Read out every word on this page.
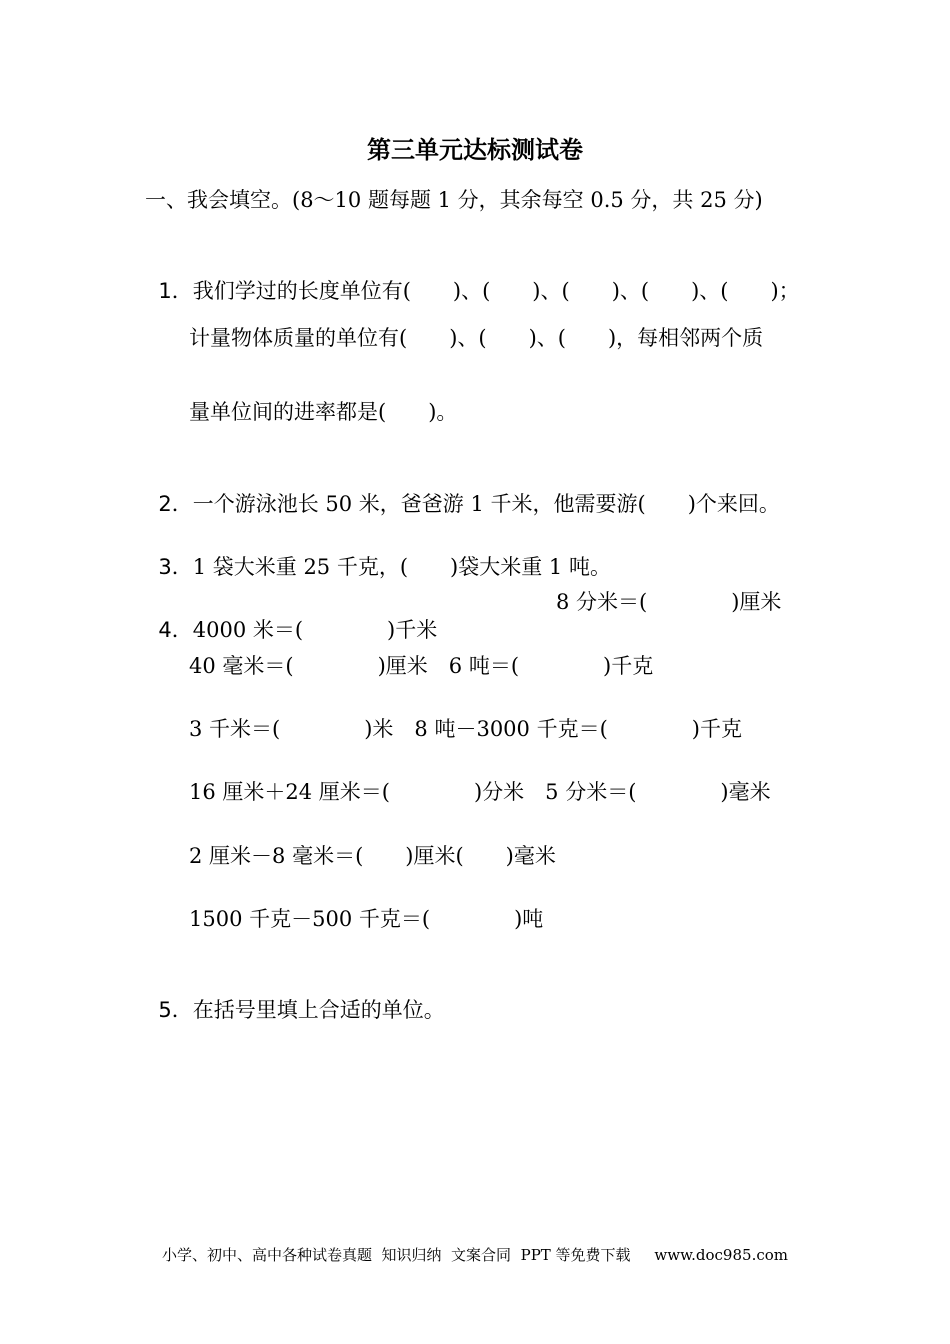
第三单元达标测试卷
一、我会填空。(8～10 题每题 1 分，其余每空 0.5 分，共 25 分)

1．我们学过的长度单位有(　　)、(　　)、(　　)、(　　)、(　　)；

计量物体质量的单位有(　　)、(　　)、(　　)，每相邻两个质
量单位间的进率都是(　　)。

2．一个游泳池长 50 米，爸爸游 1 千米，他需要游(　　)个来回。

3．1 袋大米重 25 千克，(　　)袋大米重 1 吨。

4．4000 米＝(　　　　)千米

8 分米＝(　　　　)厘米
40 毫米＝(　　　　)厘米　6 吨＝(　　　　)千克
3 千米＝(　　　　)米　8 吨－3000 千克＝(　　　　)千克
16 厘米＋24 厘米＝(　　　　)分米　5 分米＝(　　　　)毫米
2 厘米－8 毫米＝(　　)厘米(　　)毫米
1500 千克－500 千克＝(　　　　)吨

5．在括号里填上合适的单位。

小学、初中、高中各种试卷真题  知识归纳  文案合同  PPT 等免费下载     www.doc985.com
